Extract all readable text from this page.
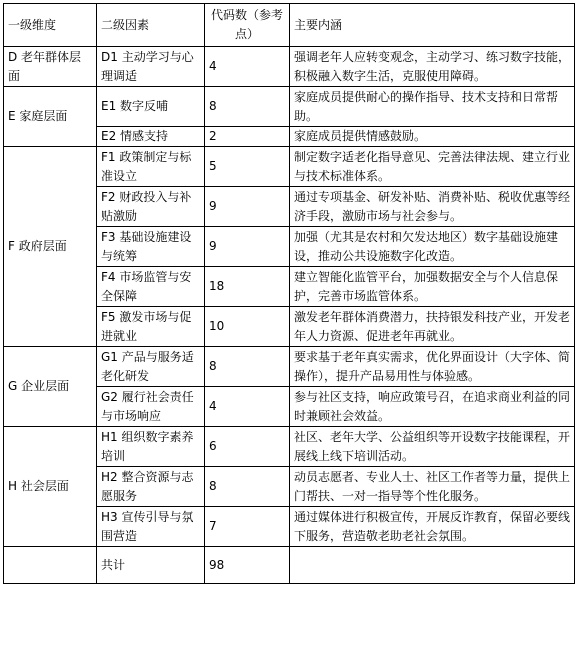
一级维度	二级因素	代码数（参考点）	主要内涵
D 老年群体层面	D1 主动学习与心理调适	4	强调老年人应转变观念，主动学习、练习数字技能，积极融入数字生活，克服使用障碍。
E 家庭层面	E1 数字反哺	8	家庭成员提供耐心的操作指导、技术支持和日常帮助。
	E2 情感支持	2	家庭成员提供情感鼓励。
F 政府层面	F1 政策制定与标准设立	5	制定数字适老化指导意见、完善法律法规、建立行业与技术标准体系。
	F2 财政投入与补贴激励	9	通过专项基金、研发补贴、消费补贴、税收优惠等经济手段，激励市场与社会参与。
	F3 基础设施建设与统筹	9	加强（尤其是农村和欠发达地区）数字基础设施建设，推动公共设施数字化改造。
	F4 市场监管与安全保障	18	建立智能化监管平台，加强数据安全与个人信息保护，完善市场监管体系。
	F5 激发市场与促进就业	10	激发老年群体消费潜力，扶持银发科技产业，开发老年人力资源、促进老年再就业。
G 企业层面	G1 产品与服务适老化研发	8	要求基于老年真实需求，优化界面设计（大字体、简操作），提升产品易用性与体验感。
	G2 履行社会责任与市场响应	4	参与社区支持，响应政策号召，在追求商业利益的同时兼顾社会效益。
H 社会层面	H1 组织数字素养培训	6	社区、老年大学、公益组织等开设数字技能课程，开展线上线下培训活动。
	H2 整合资源与志愿服务	8	动员志愿者、专业人士、社区工作者等力量，提供上门帮扶、一对一指导等个性化服务。
	H3 宣传引导与氛围营造	7	通过媒体进行积极宣传，开展反诈教育，保留必要线下服务，营造敬老助老社会氛围。
	共计	98	
